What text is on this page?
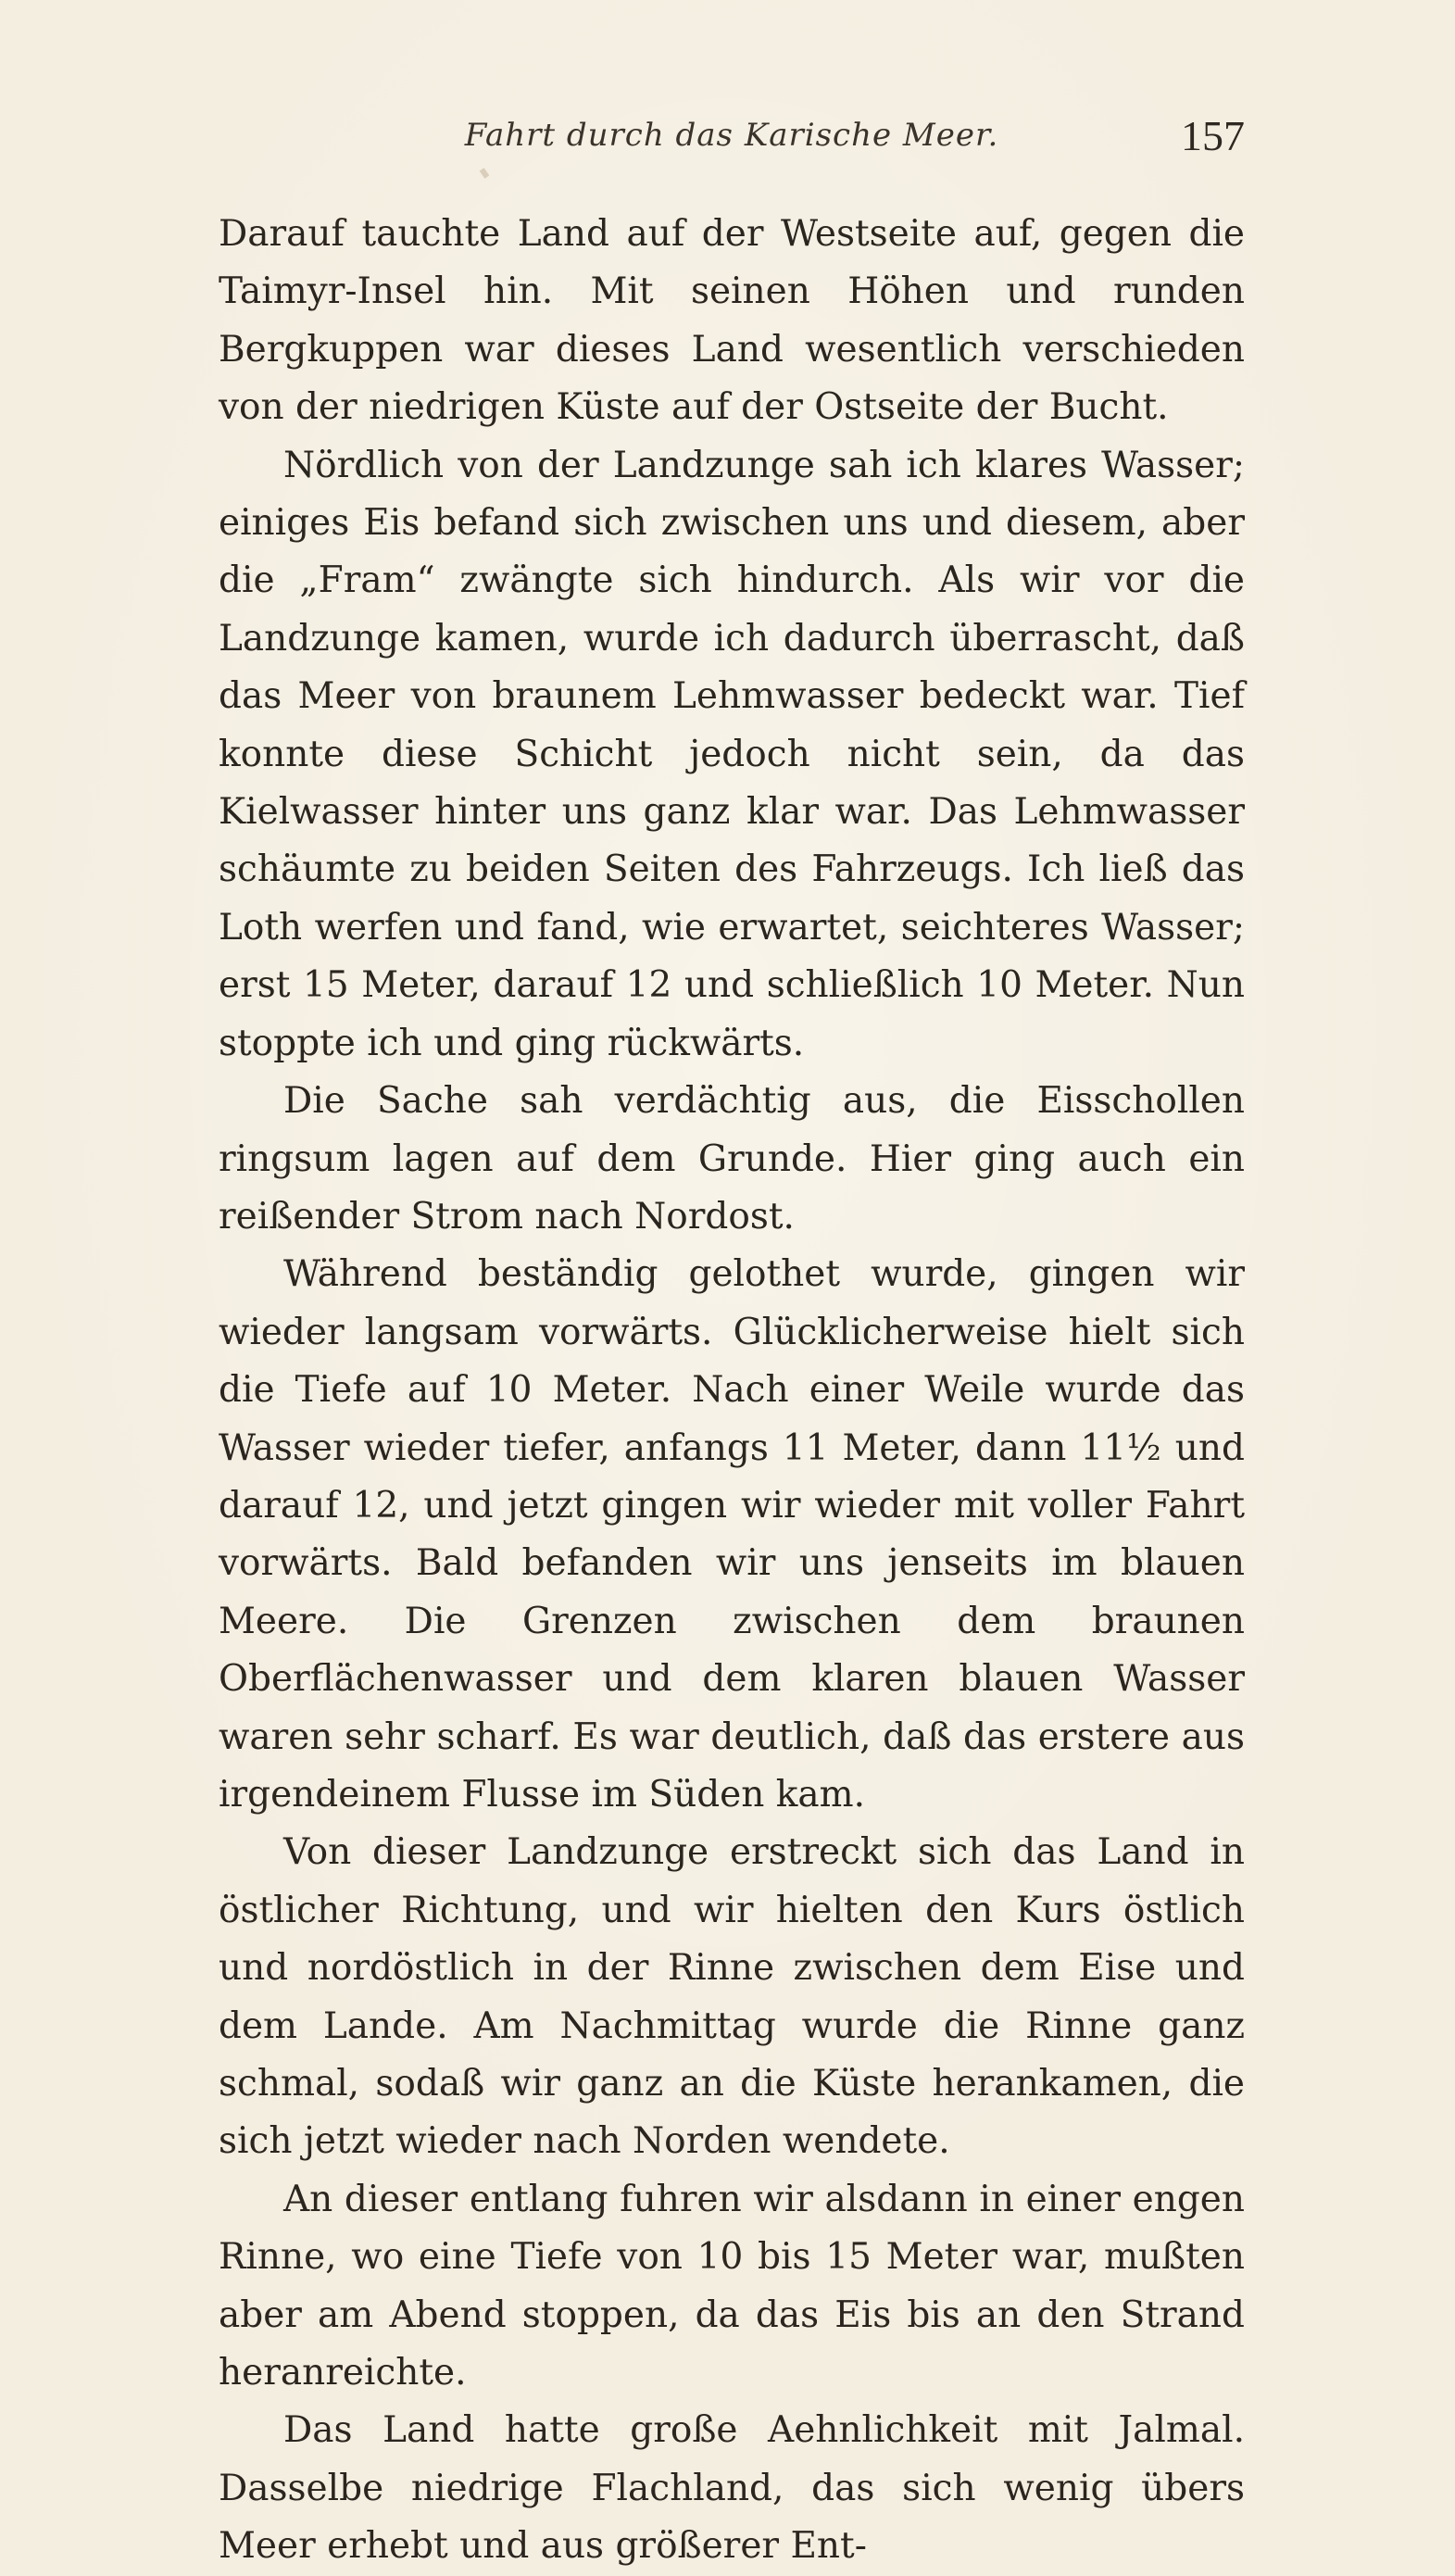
Fahrt durch das Karische Meer.	157

Darauf tauchte Land auf der Westseite auf, gegen die Taimyr-Insel hin. Mit seinen Höhen und runden Bergkuppen war dieses Land wesentlich verschieden von der niedrigen Küste auf der Ostseite der Bucht.

Nördlich von der Landzunge sah ich klares Wasser; einiges Eis befand sich zwischen uns und diesem, aber die „Fram“ zwängte sich hindurch. Als wir vor die Landzunge kamen, wurde ich dadurch überrascht, daß das Meer von braunem Lehmwasser bedeckt war. Tief konnte diese Schicht jedoch nicht sein, da das Kielwasser hinter uns ganz klar war. Das Lehmwasser schäumte zu beiden Seiten des Fahrzeugs. Ich ließ das Loth werfen und fand, wie erwartet, seichteres Wasser; erst 15 Meter, darauf 12 und schließlich 10 Meter. Nun stoppte ich und ging rückwärts.

Die Sache sah verdächtig aus, die Eisschollen ringsum lagen auf dem Grunde. Hier ging auch ein reißender Strom nach Nordost.

Während beständig gelothet wurde, gingen wir wieder langsam vorwärts. Glücklicherweise hielt sich die Tiefe auf 10 Meter. Nach einer Weile wurde das Wasser wieder tiefer, anfangs 11 Meter, dann 11½ und darauf 12, und jetzt gingen wir wieder mit voller Fahrt vorwärts. Bald befanden wir uns jenseits im blauen Meere. Die Grenzen zwischen dem braunen Oberflächenwasser und dem klaren blauen Wasser waren sehr scharf. Es war deutlich, daß das erstere aus irgendeinem Flusse im Süden kam.

Von dieser Landzunge erstreckt sich das Land in östlicher Richtung, und wir hielten den Kurs östlich und nordöstlich in der Rinne zwischen dem Eise und dem Lande. Am Nachmittag wurde die Rinne ganz schmal, sodaß wir ganz an die Küste herankamen, die sich jetzt wieder nach Norden wendete.

An dieser entlang fuhren wir alsdann in einer engen Rinne, wo eine Tiefe von 10 bis 15 Meter war, mußten aber am Abend stoppen, da das Eis bis an den Strand heranreichte.

Das Land hatte große Aehnlichkeit mit Jalmal. Dasselbe niedrige Flachland, das sich wenig übers Meer erhebt und aus größerer Ent-
